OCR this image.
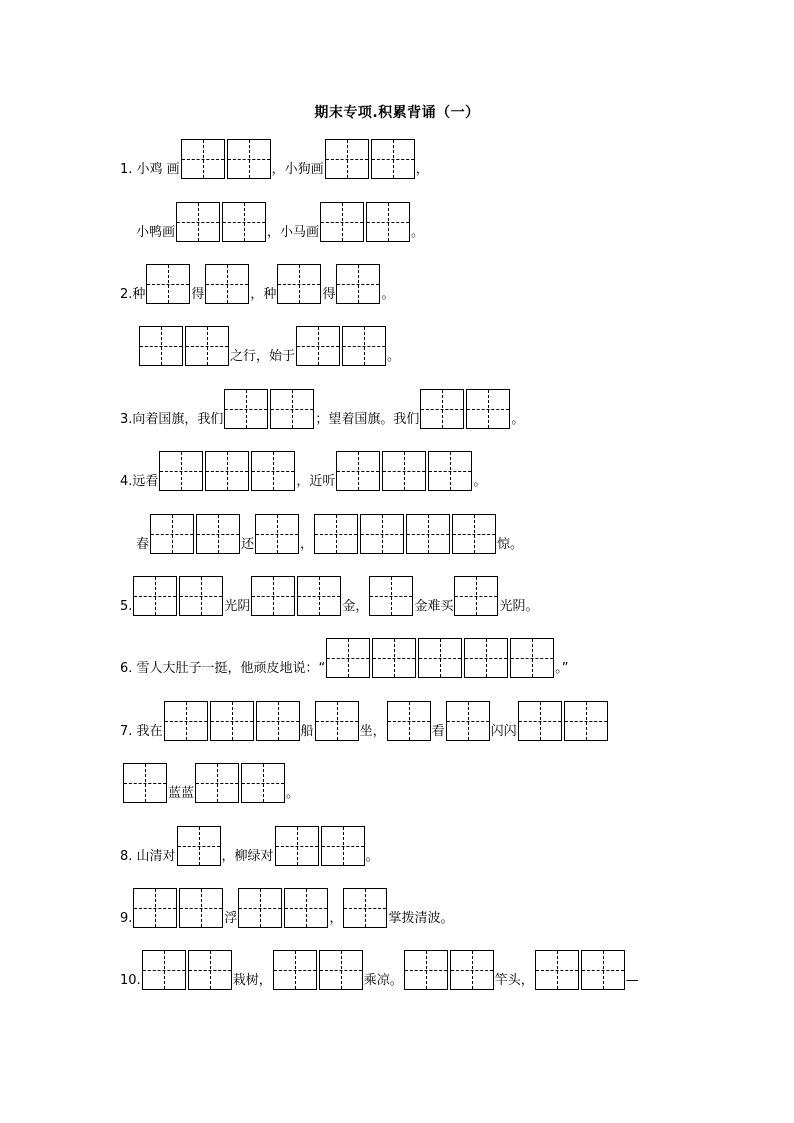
期末专项.积累背诵（一）
1. 小鸡 画	，小狗画	，
小鸭画	，小马画	。
2.种	得	，种	得	。
之行，始于	。
3.向着国旗，我们	；望着国旗。我们	。
4.远看	，近听	。
春	还	，	惊。
5.	光阴	金，	金难买	光阴。
6. 雪人大肚子一挺，他顽皮地说：“	。”
7. 我在	船	坐，	看	闪闪
蓝蓝	。
8. 山清对	，柳绿对	。
9.	浮	，	掌拨清波。
10.	栽树，	乘凉。	竿头，	—
